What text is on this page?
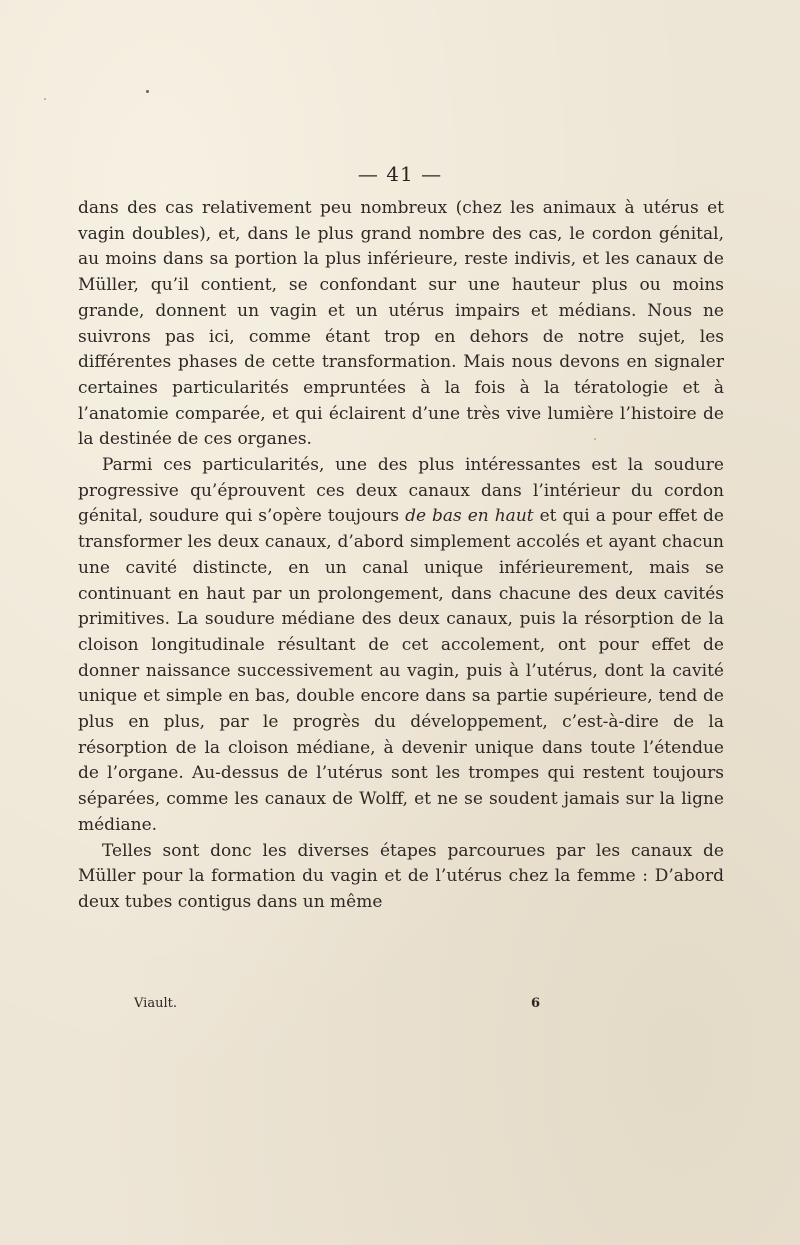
— 41 —

dans des cas relativement peu nombreux (chez les animaux à utérus et vagin doubles), et, dans le plus grand nombre des cas, le cordon génital, au moins dans sa portion la plus inférieure, reste indivis, et les canaux de Müller, qu’il contient, se confondant sur une hauteur plus ou moins grande, donnent un vagin et un utérus impairs et médians. Nous ne suivrons pas ici, comme étant trop en dehors de notre sujet, les différentes phases de cette transformation. Mais nous devons en signaler certaines particularités empruntées à la fois à la tératologie et à l’anatomie comparée, et qui éclairent d’une très vive lumière l’histoire de la destinée de ces organes.

Parmi ces particularités, une des plus intéressantes est la soudure progressive qu’éprouvent ces deux canaux dans l’intérieur du cordon génital, soudure qui s’opère toujours de bas en haut et qui a pour effet de transformer les deux canaux, d’abord simplement accolés et ayant chacun une cavité distincte, en un canal unique inférieurement, mais se continuant en haut par un prolongement, dans chacune des deux cavités primitives. La soudure médiane des deux canaux, puis la résorption de la cloison longitudinale résultant de cet accolement, ont pour effet de donner naissance successivement au vagin, puis à l’utérus, dont la cavité unique et simple en bas, double encore dans sa partie supérieure, tend de plus en plus, par le progrès du développement, c’est-à-dire de la résorption de la cloison médiane, à devenir unique dans toute l’étendue de l’organe. Au-dessus de l’utérus sont les trompes qui restent toujours séparées, comme les canaux de Wolff, et ne se soudent jamais sur la ligne médiane.

Telles sont donc les diverses étapes parcourues par les canaux de Müller pour la formation du vagin et de l’utérus chez la femme : D’abord deux tubes contigus dans un même

Viault.	6
